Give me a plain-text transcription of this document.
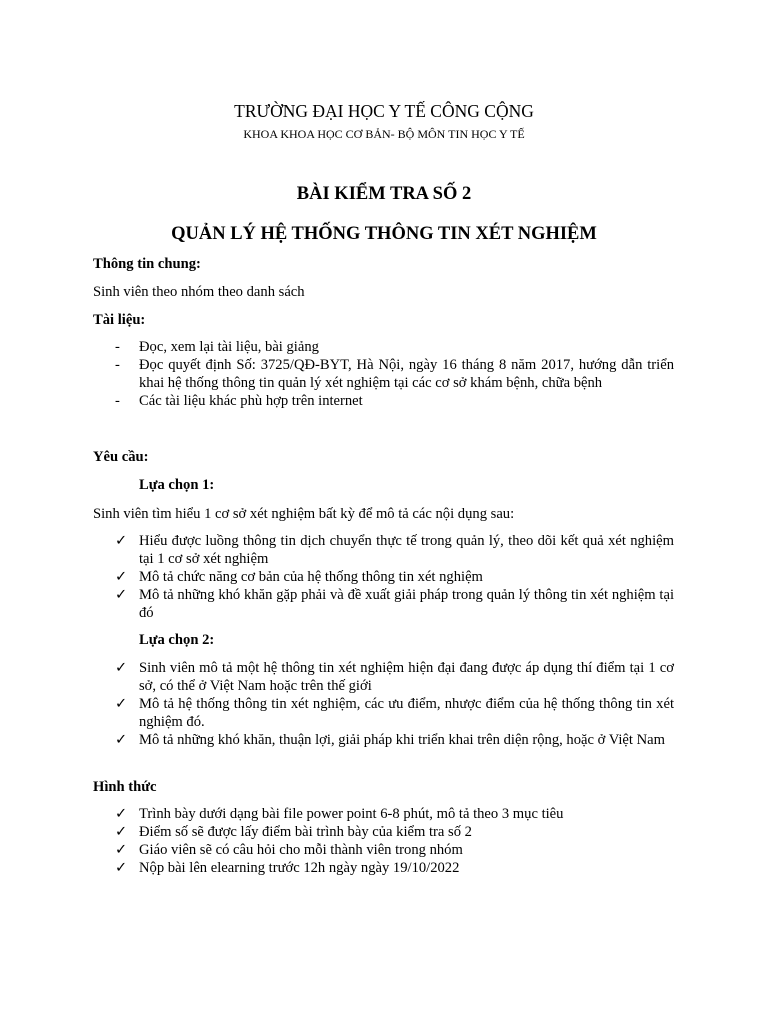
TRƯỜNG ĐẠI HỌC Y TẾ CÔNG CỘNG
KHOA KHOA HỌC CƠ BẢN- BỘ MÔN TIN HỌC Y TẾ
BÀI KIỂM TRA SỐ 2
QUẢN LÝ HỆ THỐNG THÔNG TIN XÉT NGHIỆM
Thông tin chung:
Sinh viên theo nhóm theo danh sách
Tài liệu:
-	Đọc, xem lại tài liệu, bài giảng
-	Đọc quyết định Số: 3725/QĐ-BYT, Hà Nội, ngày 16 tháng 8 năm 2017, hướng dẫn triển khai hệ thống thông tin quản lý xét nghiệm tại các cơ sở khám bệnh, chữa bệnh
-	Các tài liệu khác phù hợp trên internet
Yêu cầu:
Lựa chọn 1:
Sinh viên tìm hiểu 1 cơ sở xét nghiệm bất kỳ để mô tả các nội dụng sau:
✓ Hiểu được luồng thông tin dịch chuyển thực tế trong quản lý, theo dõi kết quả xét nghiệm tại 1 cơ sở xét nghiệm
✓ Mô tả chức năng cơ bản của hệ thống thông tin xét nghiệm
✓ Mô tả những khó khăn gặp phải và đề xuất giải pháp trong quản lý thông tin xét nghiệm tại đó
Lựa chọn 2:
✓ Sinh viên mô tả một hệ thông tin xét nghiệm hiện đại đang được áp dụng thí điểm tại 1 cơ sở, có thể ở Việt Nam hoặc trên thế giới
✓ Mô tả hệ thống thông tin xét nghiệm, các ưu điểm, nhược điểm của hệ thống thông tin xét nghiệm đó.
✓ Mô tả những khó khăn, thuận lợi, giải pháp khi triển khai trên diện rộng, hoặc ở Việt Nam
Hình thức
✓ Trình bày dưới dạng bài file power point 6-8 phút, mô tả theo 3 mục tiêu
✓ Điểm số sẽ được lấy điểm bài trình bày của kiểm tra số 2
✓ Giáo viên sẽ có câu hỏi cho mỗi thành viên trong nhóm
✓ Nộp bài lên elearning trước 12h ngày ngày 19/10/2022
